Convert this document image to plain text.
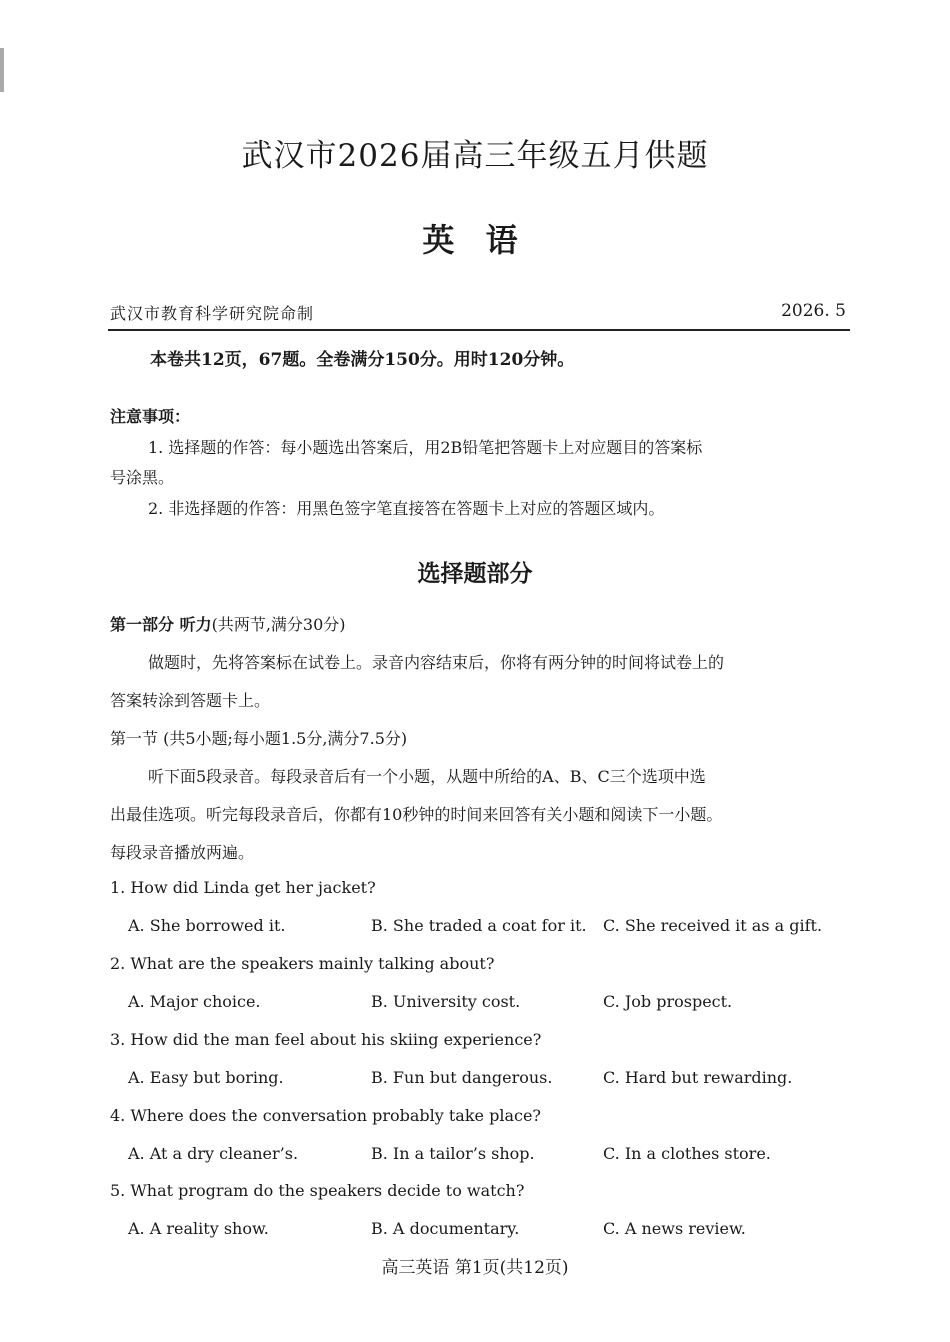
武汉市2026届高三年级五月供题
英 语
武汉市教育科学研究院命制	2026. 5
本卷共12页，67题。全卷满分150分。用时120分钟。
注意事项：
1. 选择题的作答：每小题选出答案后，用2B铅笔把答题卡上对应题目的答案标
号涂黑。
2. 非选择题的作答：用黑色签字笔直接答在答题卡上对应的答题区域内。
选择题部分
第一部分 听力(共两节,满分30分)
做题时，先将答案标在试卷上。录音内容结束后，你将有两分钟的时间将试卷上的
答案转涂到答题卡上。
第一节 (共5小题;每小题1.5分,满分7.5分)
听下面5段录音。每段录音后有一个小题，从题中所给的A、B、C三个选项中选
出最佳选项。听完每段录音后，你都有10秒钟的时间来回答有关小题和阅读下一小题。
每段录音播放两遍。
1. How did Linda get her jacket?
A. She borrowed it.	B. She traded a coat for it. C. She received it as a gift.
2. What are the speakers mainly talking about?
A. Major choice.	B. University cost.	C. Job prospect.
3. How did the man feel about his skiing experience?
A. Easy but boring.	B. Fun but dangerous.	C. Hard but rewarding.
4. Where does the conversation probably take place?
A. At a dry cleaner’s.	B. In a tailor’s shop.	C. In a clothes store.
5. What program do the speakers decide to watch?
A. A reality show.	B. A documentary.	C. A news review.
高三英语 第1页(共12页)
